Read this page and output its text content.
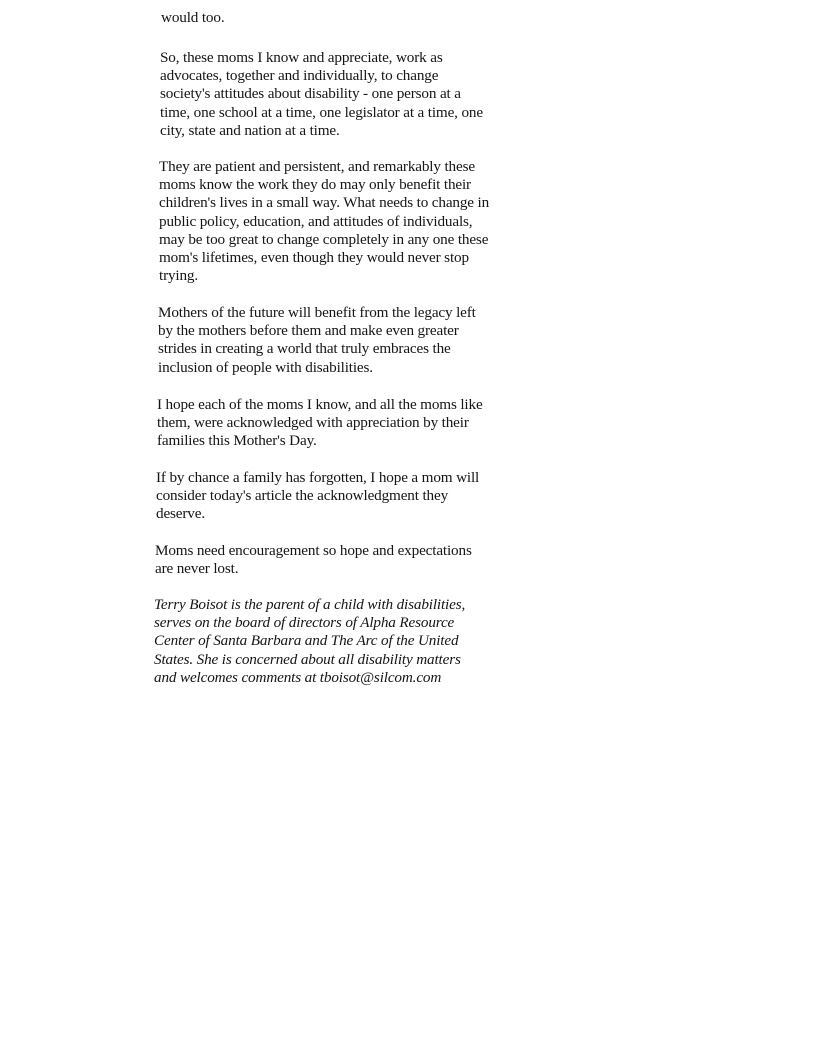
would too.

So, these moms I know and appreciate, work as
advocates, together and individually, to change
society's attitudes about disability - one person at a
time, one school at a time, one legislator at a time, one
city, state and nation at a time.

They are patient and persistent, and remarkably these
moms know the work they do may only benefit their
children's lives in a small way. What needs to change in
public policy, education, and attitudes of individuals,
may be too great to change completely in any one these
mom's lifetimes, even though they would never stop
trying.

Mothers of the future will benefit from the legacy left
by the mothers before them and make even greater
strides in creating a world that truly embraces the
inclusion of people with disabilities.

I hope each of the moms I know, and all the moms like
them, were acknowledged with appreciation by their
families this Mother's Day.

If by chance a family has forgotten, I hope a mom will
consider today's article the acknowledgment they
deserve.

Moms need encouragement so hope and expectations
are never lost.

Terry Boisot is the parent of a child with disabilities,
serves on the board of directors of Alpha Resource
Center of Santa Barbara and The Arc of the United
States. She is concerned about all disability matters
and welcomes comments at tboisot@silcom.com
